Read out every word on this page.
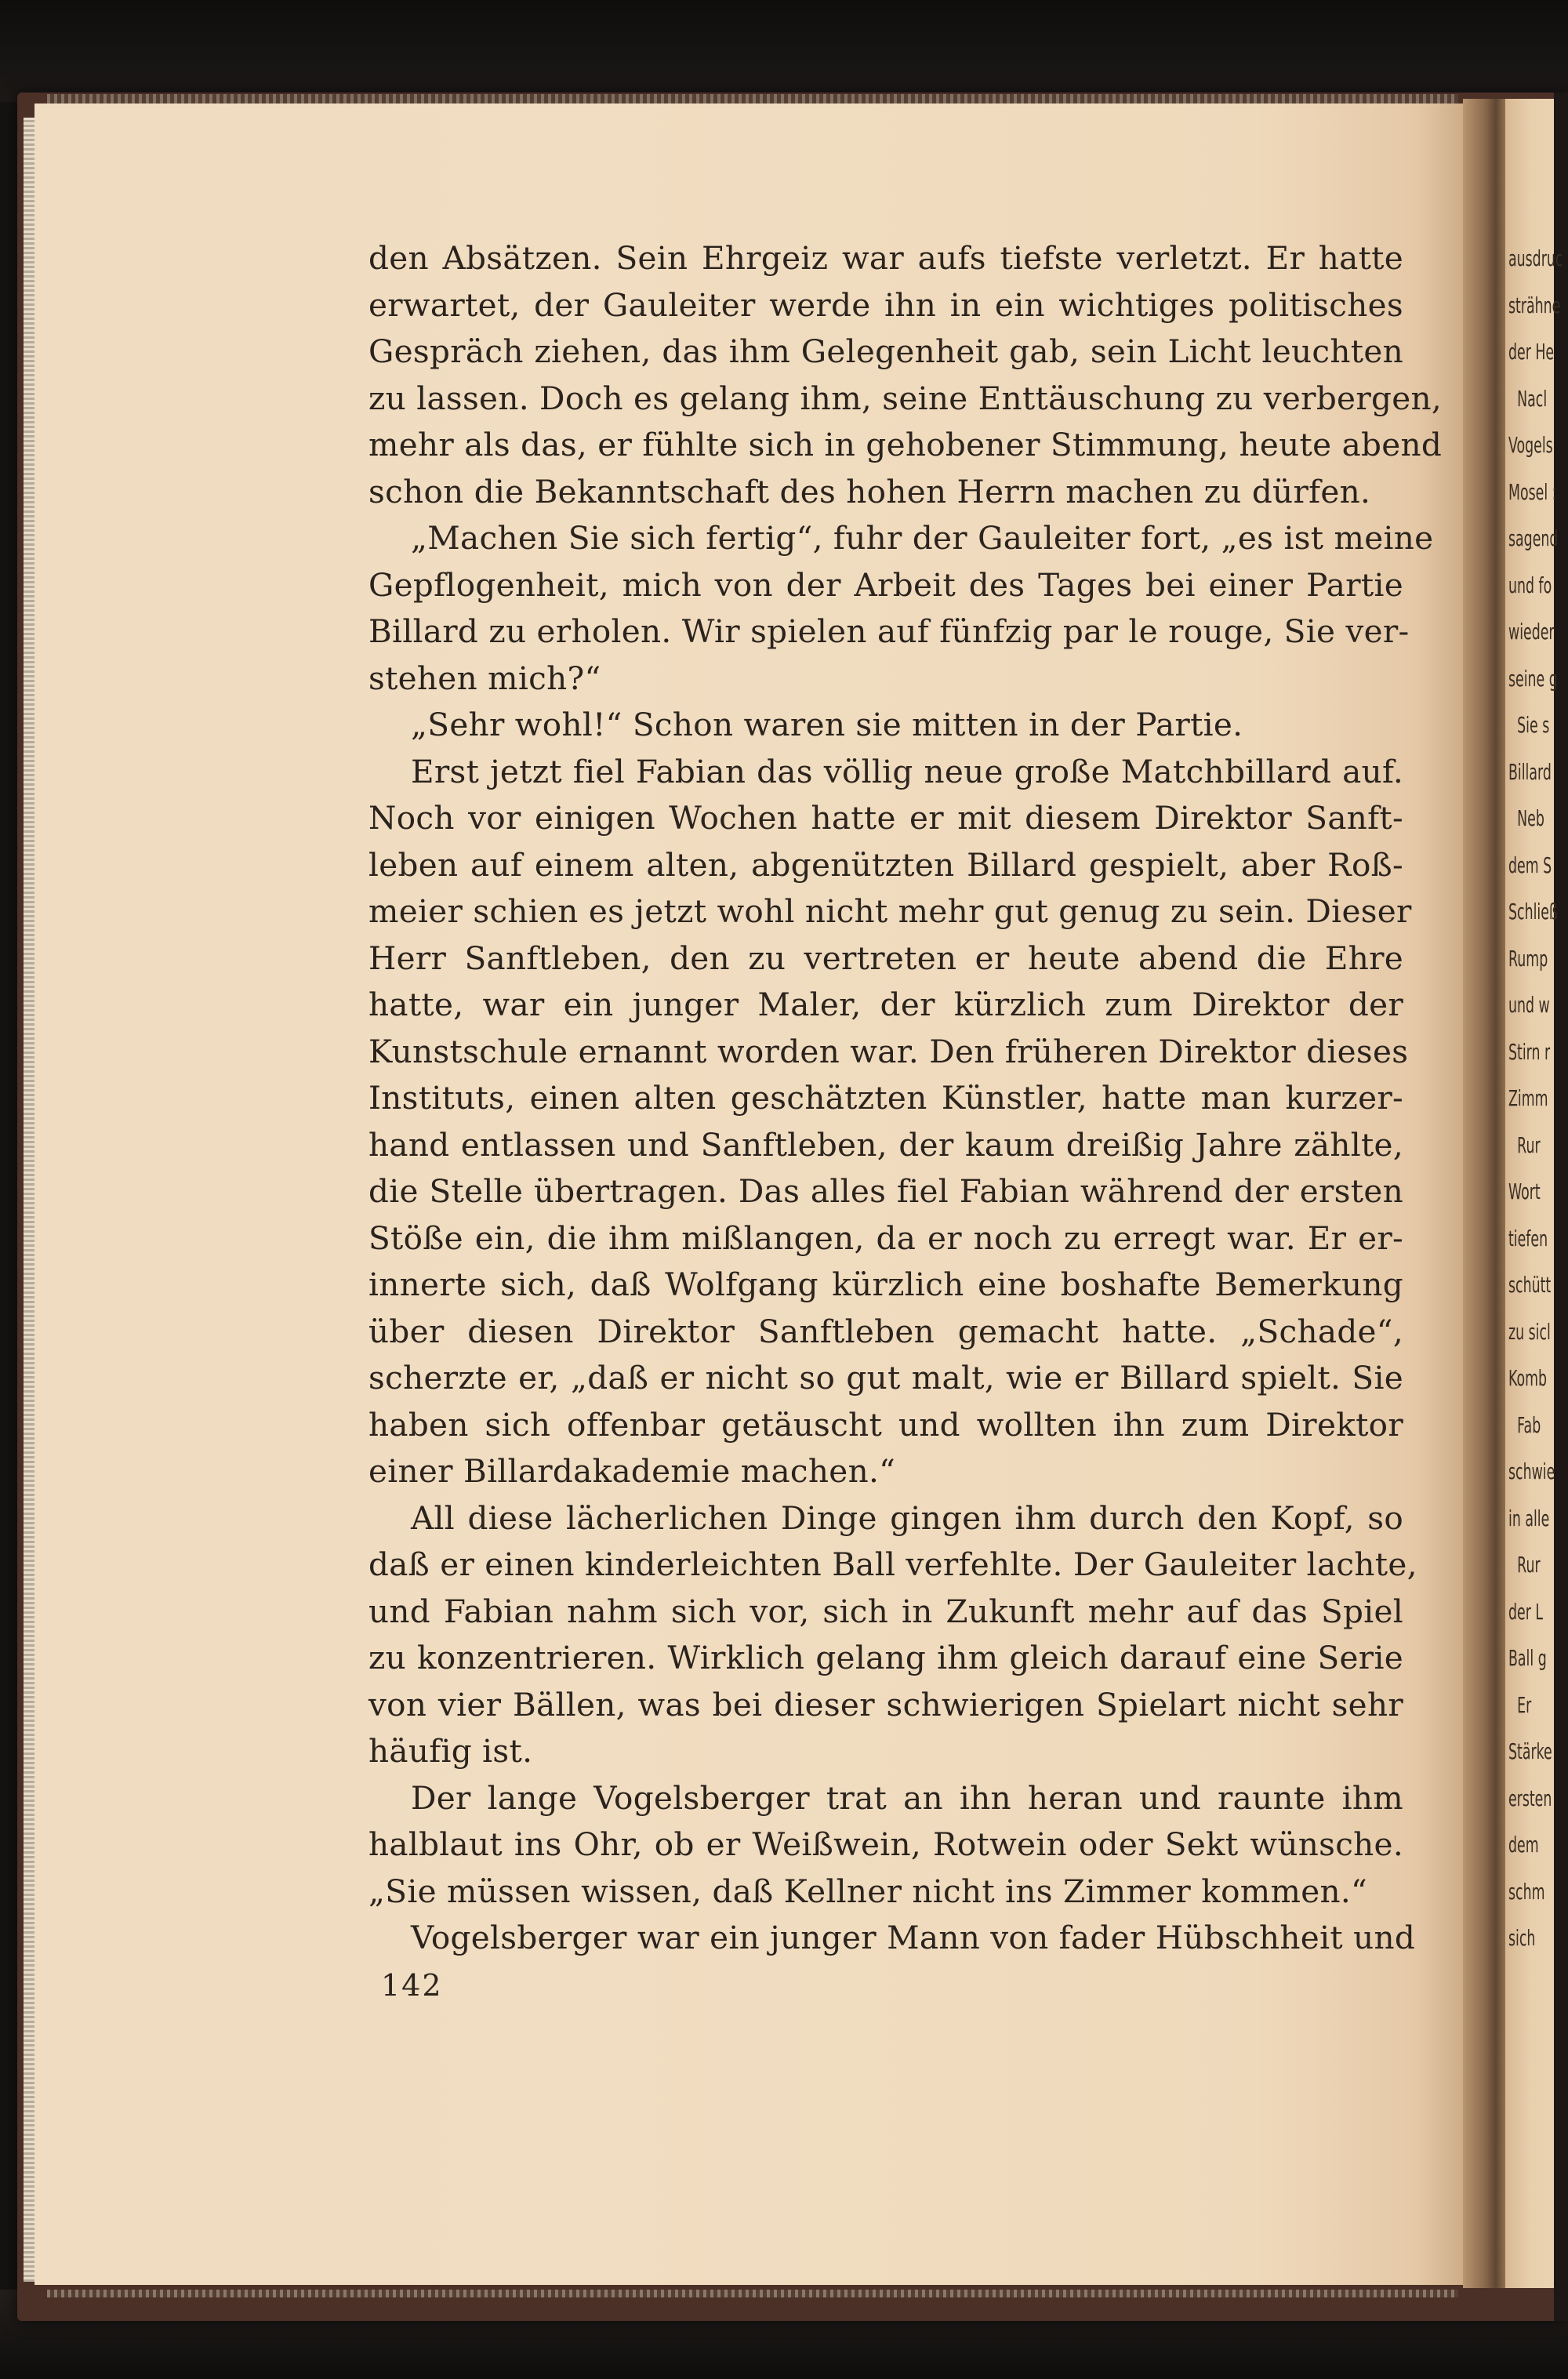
den Absätzen. Sein Ehrgeiz war aufs tiefste verletzt. Er hatte
erwartet, der Gauleiter werde ihn in ein wichtiges politisches
Gespräch ziehen, das ihm Gelegenheit gab, sein Licht leuchten
zu lassen. Doch es gelang ihm, seine Enttäuschung zu verbergen,
mehr als das, er fühlte sich in gehobener Stimmung, heute abend
schon die Bekanntschaft des hohen Herrn machen zu dürfen.
„Machen Sie sich fertig“, fuhr der Gauleiter fort, „es ist meine
Gepflogenheit, mich von der Arbeit des Tages bei einer Partie
Billard zu erholen. Wir spielen auf fünfzig par le rouge, Sie ver-
stehen mich?“
„Sehr wohl!“ Schon waren sie mitten in der Partie.
Erst jetzt fiel Fabian das völlig neue große Matchbillard auf.
Noch vor einigen Wochen hatte er mit diesem Direktor Sanft-
leben auf einem alten, abgenützten Billard gespielt, aber Roß-
meier schien es jetzt wohl nicht mehr gut genug zu sein. Dieser
Herr Sanftleben, den zu vertreten er heute abend die Ehre
hatte, war ein junger Maler, der kürzlich zum Direktor der
Kunstschule ernannt worden war. Den früheren Direktor dieses
Instituts, einen alten geschätzten Künstler, hatte man kurzer-
hand entlassen und Sanftleben, der kaum dreißig Jahre zählte,
die Stelle übertragen. Das alles fiel Fabian während der ersten
Stöße ein, die ihm mißlangen, da er noch zu erregt war. Er er-
innerte sich, daß Wolfgang kürzlich eine boshafte Bemerkung
über diesen Direktor Sanftleben gemacht hatte. „Schade“,
scherzte er, „daß er nicht so gut malt, wie er Billard spielt. Sie
haben sich offenbar getäuscht und wollten ihn zum Direktor
einer Billardakademie machen.“
All diese lächerlichen Dinge gingen ihm durch den Kopf, so
daß er einen kinderleichten Ball verfehlte. Der Gauleiter lachte,
und Fabian nahm sich vor, sich in Zukunft mehr auf das Spiel
zu konzentrieren. Wirklich gelang ihm gleich darauf eine Serie
von vier Bällen, was bei dieser schwierigen Spielart nicht sehr
häufig ist.
Der lange Vogelsberger trat an ihn heran und raunte ihm
halblaut ins Ohr, ob er Weißwein, Rotwein oder Sekt wünsche.
„Sie müssen wissen, daß Kellner nicht ins Zimmer kommen.“
Vogelsberger war ein junger Mann von fader Hübschheit und
142
ausdruc
strähne
der He
Nacl
Vogels
Mosel :
sagend
und fo
wieder
seine g
Sie s
Billard
Neb
dem S
Schließ
Rump
und w
Stirn r
Zimm
Rur
Wort
tiefen
schütt
zu sicl
Komb
Fab
schwie
in alle
Rur
der L
Ball g
Er
Stärke
ersten
dem
schm
sich
